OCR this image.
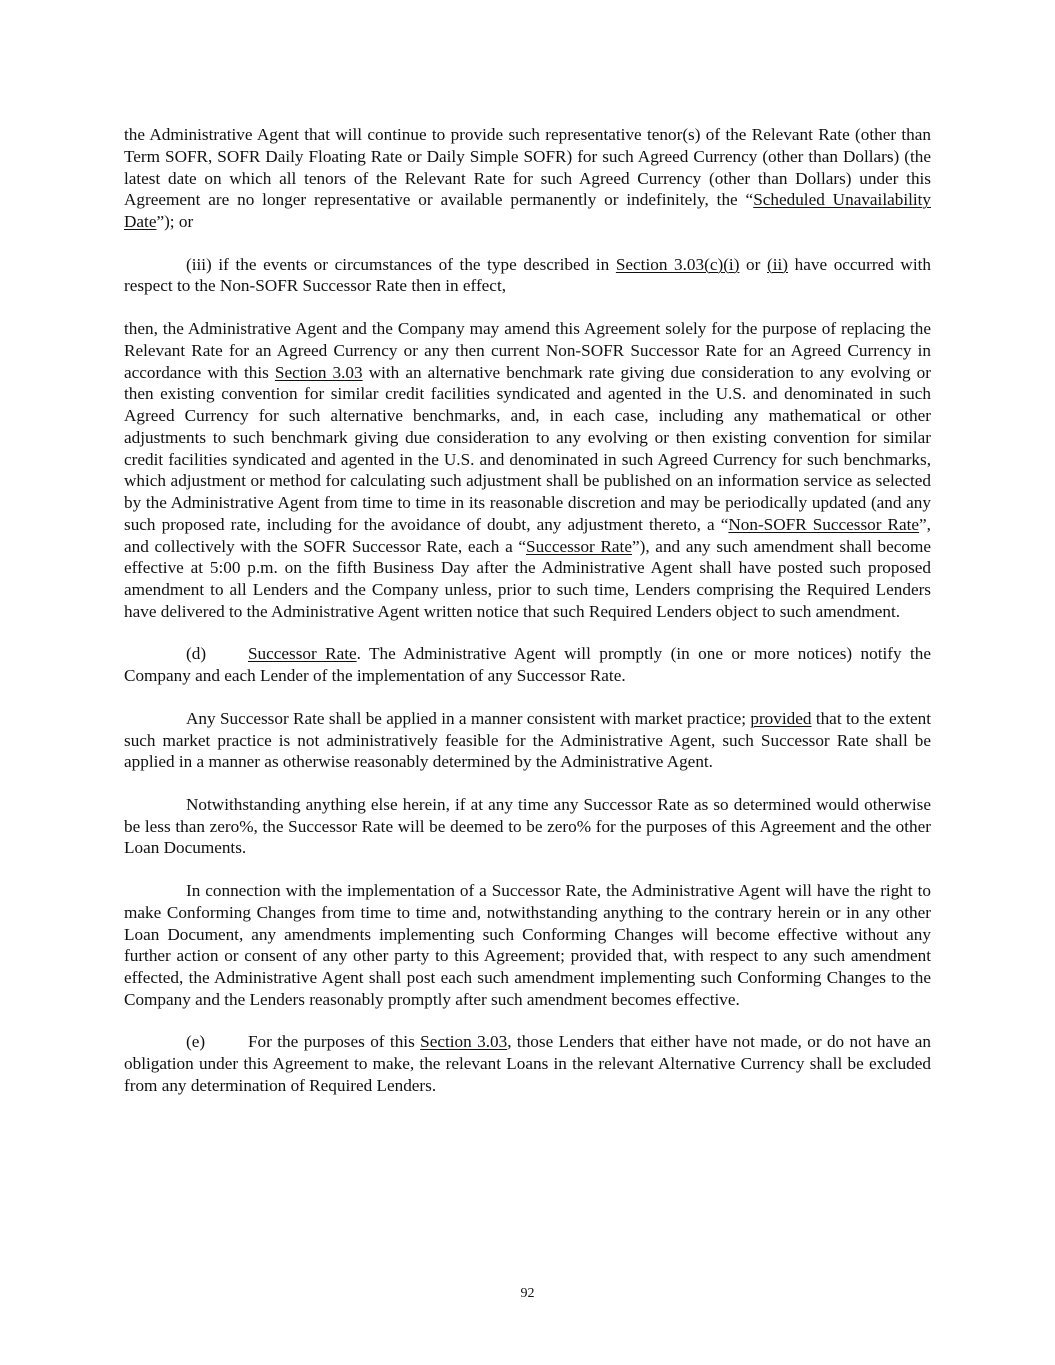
the Administrative Agent that will continue to provide such representative tenor(s) of the Relevant Rate (other than Term SOFR, SOFR Daily Floating Rate or Daily Simple SOFR) for such Agreed Currency (other than Dollars) (the latest date on which all tenors of the Relevant Rate for such Agreed Currency (other than Dollars) under this Agreement are no longer representative or available permanently or indefinitely, the “Scheduled Unavailability Date”); or

(iii) if the events or circumstances of the type described in Section 3.03(c)(i) or (ii) have occurred with respect to the Non-SOFR Successor Rate then in effect,

then, the Administrative Agent and the Company may amend this Agreement solely for the purpose of replacing the Relevant Rate for an Agreed Currency or any then current Non-SOFR Successor Rate for an Agreed Currency in accordance with this Section 3.03 with an alternative benchmark rate giving due consideration to any evolving or then existing convention for similar credit facilities syndicated and agented in the U.S. and denominated in such Agreed Currency for such alternative benchmarks, and, in each case, including any mathematical or other adjustments to such benchmark giving due consideration to any evolving or then existing convention for similar credit facilities syndicated and agented in the U.S. and denominated in such Agreed Currency for such benchmarks, which adjustment or method for calculating such adjustment shall be published on an information service as selected by the Administrative Agent from time to time in its reasonable discretion and may be periodically updated (and any such proposed rate, including for the avoidance of doubt, any adjustment thereto, a “Non-SOFR Successor Rate”, and collectively with the SOFR Successor Rate, each a “Successor Rate”), and any such amendment shall become effective at 5:00 p.m. on the fifth Business Day after the Administrative Agent shall have posted such proposed amendment to all Lenders and the Company unless, prior to such time, Lenders comprising the Required Lenders have delivered to the Administrative Agent written notice that such Required Lenders object to such amendment.

(d) Successor Rate. The Administrative Agent will promptly (in one or more notices) notify the Company and each Lender of the implementation of any Successor Rate.

Any Successor Rate shall be applied in a manner consistent with market practice; provided that to the extent such market practice is not administratively feasible for the Administrative Agent, such Successor Rate shall be applied in a manner as otherwise reasonably determined by the Administrative Agent.

Notwithstanding anything else herein, if at any time any Successor Rate as so determined would otherwise be less than zero%, the Successor Rate will be deemed to be zero% for the purposes of this Agreement and the other Loan Documents.

In connection with the implementation of a Successor Rate, the Administrative Agent will have the right to make Conforming Changes from time to time and, notwithstanding anything to the contrary herein or in any other Loan Document, any amendments implementing such Conforming Changes will become effective without any further action or consent of any other party to this Agreement; provided that, with respect to any such amendment effected, the Administrative Agent shall post each such amendment implementing such Conforming Changes to the Company and the Lenders reasonably promptly after such amendment becomes effective.

(e) For the purposes of this Section 3.03, those Lenders that either have not made, or do not have an obligation under this Agreement to make, the relevant Loans in the relevant Alternative Currency shall be excluded from any determination of Required Lenders.

92
